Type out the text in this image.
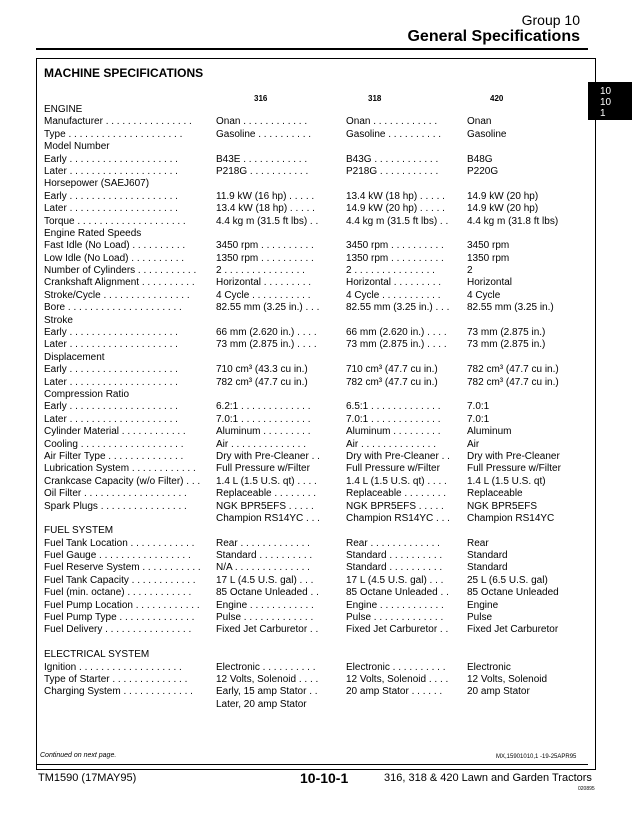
Group 10
General Specifications
10
10
1
MACHINE SPECIFICATIONS
316	318	420
ENGINE
Manufacturer . . . . . . . . . . . . . . . . Onan . . . . . . . . . . . .	Onan . . . . . . . . . . . .	Onan
Type . . . . . . . . . . . . . . . . . . . . .	Gasoline . . . . . . . . . .	Gasoline . . . . . . . . . .	Gasoline
Model Number
Early . . . . . . . . . . . . . . . . . . . .	B43E . . . . . . . . . . . .	B43G . . . . . . . . . . . .	B48G
Later . . . . . . . . . . . . . . . . . . . .	P218G . . . . . . . . . . .	P218G . . . . . . . . . . .	P220G
Horsepower (SAEJ607)
Early . . . . . . . . . . . . . . . . . . . .	11.9 kW (16 hp) . . . . .	13.4 kW (18 hp) . . . . . 14.9 kW (20 hp)
Later . . . . . . . . . . . . . . . . . . . .	13.4 kW (18 hp) . . . . .	14.9 kW (20 hp) . . . . . 14.9 kW (20 hp)
Torque . . . . . . . . . . . . . . . . . . . .	4.4 kg m (31.5 ft lbs) . .	4.4 kg m (31.5 ft lbs) . . 4.4 kg m (31.8 ft lbs)
Engine Rated Speeds
Fast Idle (No Load) . . . . . . . . . .	3450 rpm . . . . . . . . . .	3450 rpm . . . . . . . . . . 3450 rpm
Low Idle (No Load) . . . . . . . . . .	1350 rpm . . . . . . . . . .	1350 rpm . . . . . . . . . . 1350 rpm
Number of Cylinders . . . . . . . . . . . 2 . . . . . . . . . . . . . . .	2 . . . . . . . . . . . . . . .	2
Crankshaft Alignment . . . . . . . . . . Horizontal . . . . . . . . .	Horizontal . . . . . . . . .	Horizontal
Stroke/Cycle . . . . . . . . . . . . . . . .	4 Cycle . . . . . . . . . . .	4 Cycle . . . . . . . . . . .	4 Cycle
Bore . . . . . . . . . . . . . . . . . . . . .	82.55 mm (3.25 in.) . . .	82.55 mm (3.25 in.) . . . 82.55 mm (3.25 in.)
Stroke
Early . . . . . . . . . . . . . . . . . . . .	66 mm (2.620 in.) . . . .	66 mm (2.620 in.) . . . . 73 mm (2.875 in.)
Later . . . . . . . . . . . . . . . . . . . .	73 mm (2.875 in.) . . . .	73 mm (2.875 in.) . . . . 73 mm (2.875 in.)
Displacement
Early . . . . . . . . . . . . . . . . . . . .	710 cm³ (43.3 cu in.)	710 cm³ (47.7 cu in.)	782 cm³ (47.7 cu in.)
Later . . . . . . . . . . . . . . . . . . . .	782 cm³ (47.7 cu in.)	782 cm³ (47.7 cu in.)	782 cm³ (47.7 cu in.)
Compression Ratio
Early . . . . . . . . . . . . . . . . . . . .	6.2:1 . . . . . . . . . . . . .	6.5:1 . . . . . . . . . . . . .	7.0:1
Later . . . . . . . . . . . . . . . . . . . .	7.0:1 . . . . . . . . . . . . .	7.0:1 . . . . . . . . . . . . .	7.0:1
Cylinder Material . . . . . . . . . . . .	Aluminum . . . . . . . . .	Aluminum . . . . . . . . .	Aluminum
Cooling . . . . . . . . . . . . . . . . . . .	Air . . . . . . . . . . . . . .	Air . . . . . . . . . . . . . .	Air
Air Filter Type . . . . . . . . . . . . . .	Dry with Pre-Cleaner . .	Dry with Pre-Cleaner . . Dry with Pre-Cleaner
Lubrication System . . . . . . . . . . . . Full Pressure w/Filter	Full Pressure w/Filter	Full Pressure w/Filter
Crankcase Capacity (w/o Filter) . . . 1.4 L (1.5 U.S. qt) . . . .	1.4 L (1.5 U.S. qt) . . . . 1.4 L (1.5 U.S. qt)
Oil Filter . . . . . . . . . . . . . . . . . . .	Replaceable . . . . . . . .	Replaceable . . . . . . . . Replaceable
Spark Plugs . . . . . . . . . . . . . . . .	NGK BPR5EFS . . . . .	NGK BPR5EFS . . . . . NGK BPR5EFS
Champion RS14YC . . .	Champion RS14YC . . . Champion RS14YC
FUEL SYSTEM
Fuel Tank Location . . . . . . . . . . . . Rear . . . . . . . . . . . . .	Rear . . . . . . . . . . . . .	Rear
Fuel Gauge . . . . . . . . . . . . . . . . .	Standard . . . . . . . . . .	Standard . . . . . . . . . . Standard
Fuel Reserve System . . . . . . . . . . . N/A . . . . . . . . . . . . . .	Standard . . . . . . . . . . Standard
Fuel Tank Capacity . . . . . . . . . . . . 17 L (4.5 U.S. gal) . . .	17 L (4.5 U.S. gal) . . . 25 L (6.5 U.S. gal)
Fuel (min. octane) . . . . . . . . . . . . 85 Octane Unleaded . .	85 Octane Unleaded . . 85 Octane Unleaded
Fuel Pump Location . . . . . . . . . . . . Engine . . . . . . . . . . . .	Engine . . . . . . . . . . . . Engine
Fuel Pump Type . . . . . . . . . . . . . . Pulse . . . . . . . . . . . . .	Pulse . . . . . . . . . . . . . Pulse
Fuel Delivery . . . . . . . . . . . . . . . . Fixed Jet Carburetor . .	Fixed Jet Carburetor . . Fixed Jet Carburetor
ELECTRICAL SYSTEM
Ignition . . . . . . . . . . . . . . . . . . .	Electronic . . . . . . . . . .	Electronic . . . . . . . . . . Electronic
Type of Starter . . . . . . . . . . . . . .	12 Volts, Solenoid . . . .	12 Volts, Solenoid . . . . 12 Volts, Solenoid
Charging System . . . . . . . . . . . . . Early, 15 amp Stator . .	20 amp Stator . . . . . . 20 amp Stator
Later, 20 amp Stator
Continued on next page.	MX,15901010,1 -19-25APR95
TM1590 (17MAY95)	10-10-1	316, 318 & 420 Lawn and Garden Tractors
020895
